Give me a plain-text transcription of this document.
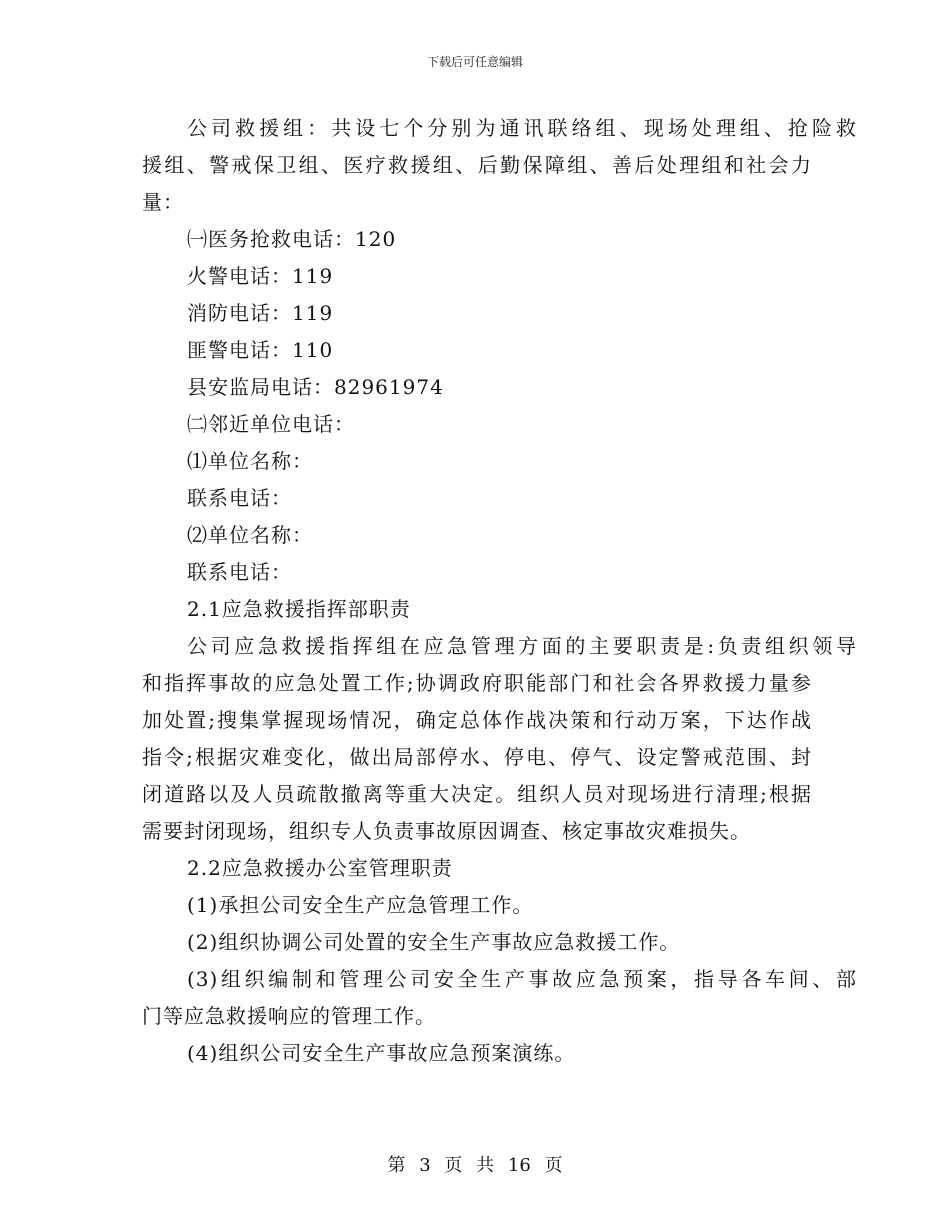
下载后可任意编辑
公司救援组：共设七个分别为通讯联络组、现场处理组、抢险救
援组、警戒保卫组、医疗救援组、后勤保障组、善后处理组和社会力
量：
㈠医务抢救电话：120
火警电话：119
消防电话：119
匪警电话：110
县安监局电话：82961974
㈡邻近单位电话：
⑴单位名称：
联系电话：
⑵单位名称：
联系电话：
2.1应急救援指挥部职责
公司应急救援指挥组在应急管理方面的主要职责是:负责组织领导
和指挥事故的应急处置工作;协调政府职能部门和社会各界救援力量参
加处置;搜集掌握现场情况，确定总体作战决策和行动万案，下达作战
指令;根据灾难变化，做出局部停水、停电、停气、设定警戒范围、封
闭道路以及人员疏散撤离等重大决定。组织人员对现场进行清理;根据
需要封闭现场，组织专人负责事故原因调查、核定事故灾难损失。
2.2应急救援办公室管理职责
(1)承担公司安全生产应急管理工作。
(2)组织协调公司处置的安全生产事故应急救援工作。
(3)组织编制和管理公司安全生产事故应急预案，指导各车间、部
门等应急救援响应的管理工作。
(4)组织公司安全生产事故应急预案演练。
第 3 页 共 16 页
